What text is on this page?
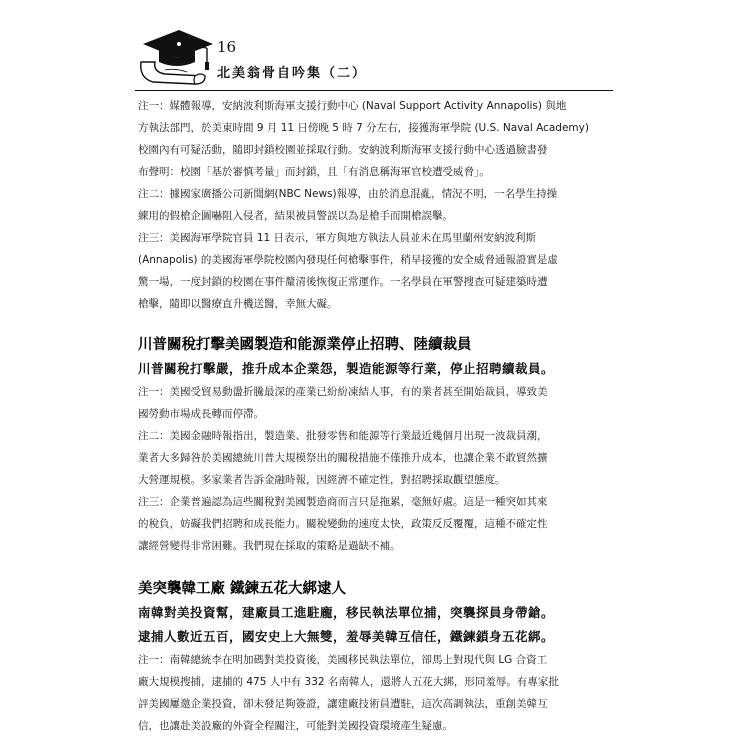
16
北美翁骨自吟集（二）

注一：媒體報導，安納波利斯海軍支援行動中心 (Naval Support Activity Annapolis) 與地

方執法部門，於美東時間 9 月 11 日傍晚 5 時 7 分左右，接獲海軍學院 (U.S. Naval Academy)

校園內有可疑活動，隨即封鎖校園並採取行動。安納波利斯海軍支援行動中心透過臉書發

布聲明：校園「基於審慎考量」而封鎖，且「有消息稱海軍官校遭受威脅」。

注二：據國家廣播公司新聞網(NBC News)報導，由於消息混亂，情況不明，一名學生持操

練用的假槍企圖嚇阻入侵者，結果被員警誤以為是槍手而開槍誤擊。

注三：美國海軍學院官員 11 日表示，軍方與地方執法人員並未在馬里蘭州安納波利斯

(Annapolis) 的美國海軍學院校園內發現任何槍擊事件，稍早接獲的安全威脅通報證實是虛

驚一場，一度封鎖的校園在事件釐清後恢復正常運作。一名學員在軍警搜查可疑建築時遭

槍擊，隨即以醫療直升機送醫，幸無大礙。

川普關稅打擊美國製造和能源業停止招聘、陸續裁員

川普關稅打擊嚴，推升成本企業怨，製造能源等行業，停止招聘續裁員。

注一：美國受貿易動盪折騰最深的產業已紛紛凍結人事，有的業者甚至開始裁員，導致美

國勞動市場成長轉而停滯。

注二：美國金融時報指出，製造業、批發零售和能源等行業最近幾個月出現一波裁員潮，

業者大多歸咎於美國總統川普大規模祭出的關稅措施不僅推升成本，也讓企業不敢貿然擴

大營運規模。多家業者告訴金融時報，因經濟不確定性，對招聘採取觀望態度。

注三：企業普遍認為這些關稅對美國製造商而言只是拖累，毫無好處。這是一種突如其來

的稅負，妨礙我們招聘和成長能力。關稅變動的速度太快，政策反反覆覆，這種不確定性

讓經營變得非常困難。我們現在採取的策略是過缺不補。

美突襲韓工廠 鐵鍊五花大綁逮人

南韓對美投資幫，建廠員工進駐龐，移民執法單位捕，突襲探員身帶鎗。

逮捕人數近五百，國安史上大無雙，羞辱美韓互信任，鐵鍊鎖身五花綁。

注一：南韓總統李在明加碼對美投資後，美國移民執法單位，卻馬上對現代與 LG 合資工

廠大規模搜捕，逮捕的 475 人中有 332 名南韓人，還將人五花大綁，形同羞辱。有專家批

評美國屢邀企業投資，卻未發足夠簽證，讓建廠技術員遭駐，這次高調執法，重創美韓互

信，也讓赴美設廠的外資全程關注，可能對美國投資環境產生疑慮。
